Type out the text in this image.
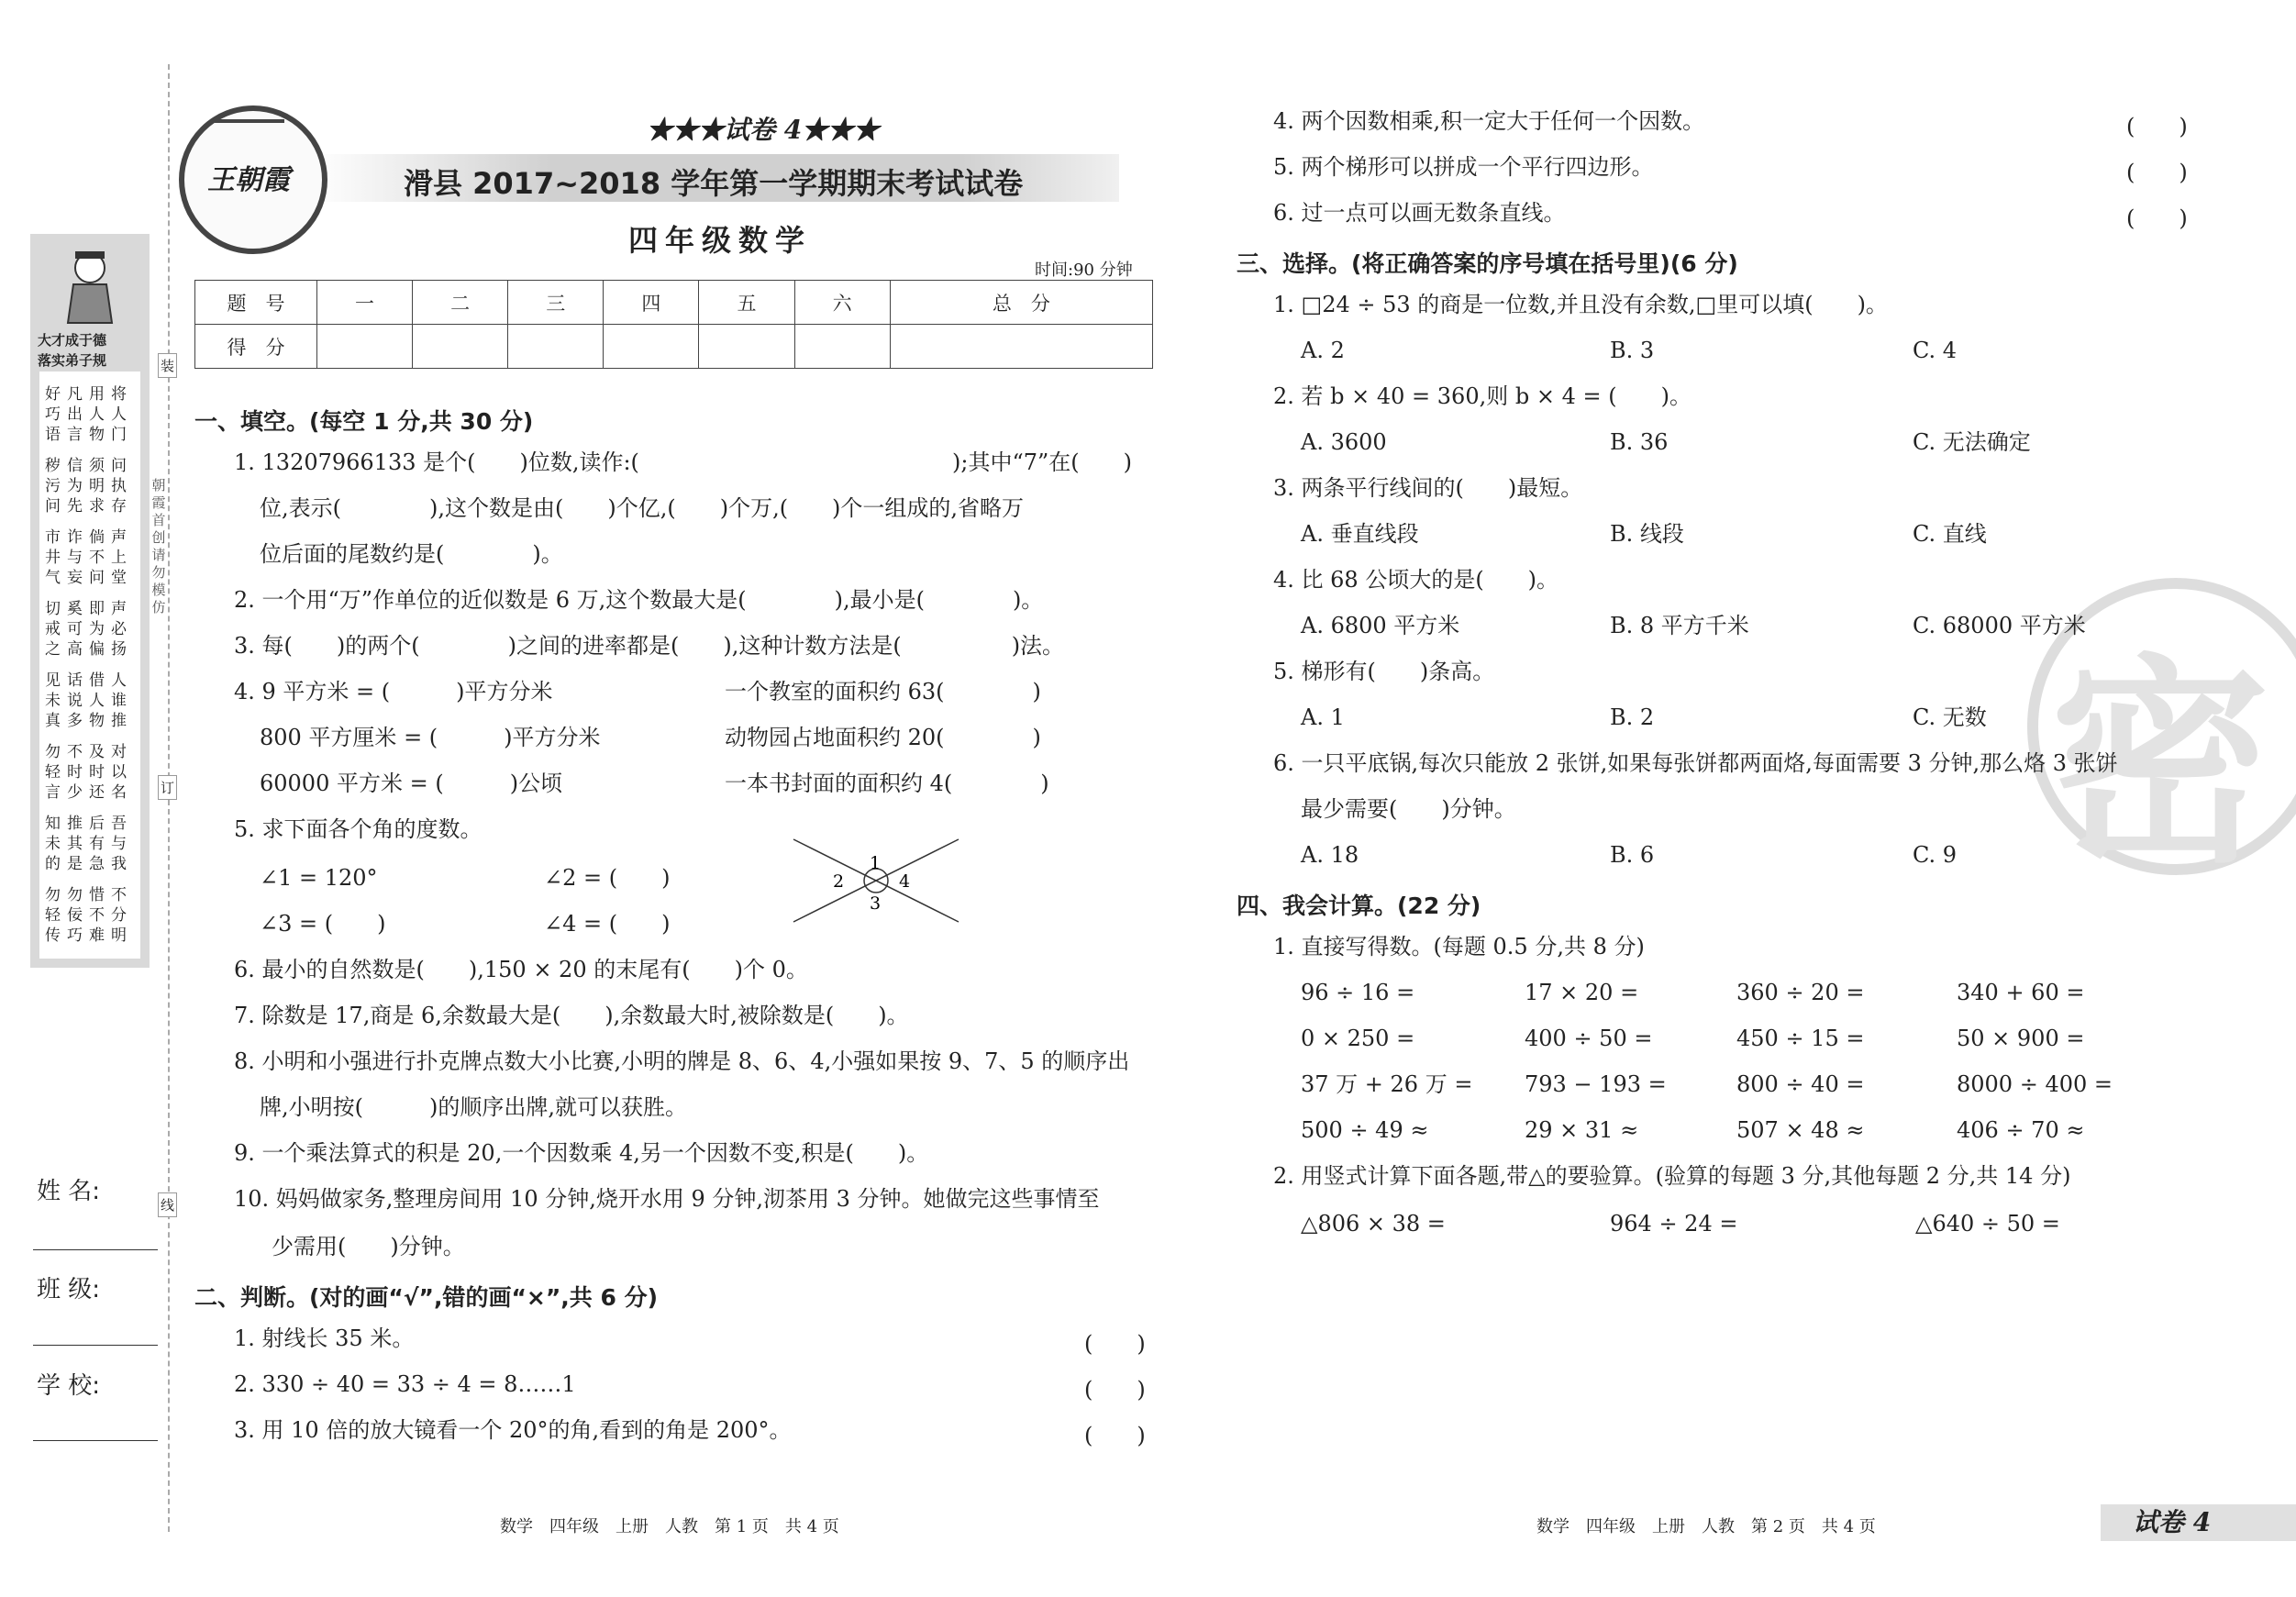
大才成于德
落实弟子规
好凡用将
巧出人人
语言物门
秽信须问
污为明执
问先求存
市诈倘声
井与不上
气妄问堂
切奚即声
戒可为必
之高偏扬
见话借人
未说人谁
真多物推
勿不及对
轻时时以
言少还名
知推后吾
未其有与
的是急我
勿勿惜不
轻佞不分
传巧难明
姓 名:
班 级:
学 校:
装
订
线
朝霞首创 请勿模仿
王朝霞
★★★试卷 4★★★
滑县 2017~2018 学年第一学期期末考试试卷
四年级数学
时间:90 分钟
题　号	一	二	三	四	五	六	总　分
得　分							
一、填空。(每空 1 分,共 30 分)
1. 13207966133 是个(　　)位数,读作:(	);其中“7”在(　　)
位,表示(　　　　),这个数是由(　　)个亿,(　　)个万,(　　)个一组成的,省略万
位后面的尾数约是(　　　　)。
2. 一个用“万”作单位的近似数是 6 万,这个数最大是(　　　　),最小是(　　　　)。
3. 每(　　)的两个(　　　　)之间的进率都是(　　),这种计数方法是(　　　　　)法。
4. 9 平方米 = (　　　)平方分米	一个教室的面积约 63(　　　　)
800 平方厘米 = (　　　)平方分米	动物园占地面积约 20(　　　　)
60000 平方米 = (　　　)公顷	一本书封面的面积约 4(　　　　)
5. 求下面各个角的度数。
∠1 = 120°	∠2 = (　　)
∠3 = (　　)	∠4 = (　　)
1
2
3
4
6. 最小的自然数是(　　),150 × 20 的末尾有(　　)个 0。
7. 除数是 17,商是 6,余数最大是(　　),余数最大时,被除数是(　　)。
8. 小明和小强进行扑克牌点数大小比赛,小明的牌是 8、6、4,小强如果按 9、7、5 的顺序出
牌,小明按(　　　)的顺序出牌,就可以获胜。
9. 一个乘法算式的积是 20,一个因数乘 4,另一个因数不变,积是(　　)。
10. 妈妈做家务,整理房间用 10 分钟,烧开水用 9 分钟,沏茶用 3 分钟。她做完这些事情至
少需用(　　)分钟。
二、判断。(对的画“√”,错的画“×”,共 6 分)
1. 射线长 35 米。	(　　)
2. 330 ÷ 40 = 33 ÷ 4 = 8……1	(　　)
3. 用 10 倍的放大镜看一个 20°的角,看到的角是 200°。	(　　)
数学　四年级　上册　人教　第 1 页　共 4 页
4. 两个因数相乘,积一定大于任何一个因数。	(　　)
5. 两个梯形可以拼成一个平行四边形。	(　　)
6. 过一点可以画无数条直线。	(　　)
密
三、选择。(将正确答案的序号填在括号里)(6 分)
1. □24 ÷ 53 的商是一位数,并且没有余数,□里可以填(　　)。
A. 2	B. 3	C. 4
2. 若 b × 40 = 360,则 b × 4 = (　　)。
A. 3600	B. 36	C. 无法确定
3. 两条平行线间的(　　)最短。
A. 垂直线段	B. 线段	C. 直线
4. 比 68 公顷大的是(　　)。
A. 6800 平方米	B. 8 平方千米	C. 68000 平方米
5. 梯形有(　　)条高。
A. 1	B. 2	C. 无数
6. 一只平底锅,每次只能放 2 张饼,如果每张饼都两面烙,每面需要 3 分钟,那么烙 3 张饼
最少需要(　　)分钟。
A. 18	B. 6	C. 9
四、我会计算。(22 分)
1. 直接写得数。(每题 0.5 分,共 8 分)
96 ÷ 16 =	17 × 20 =	360 ÷ 20 =	340 + 60 =
0 × 250 =	400 ÷ 50 =	450 ÷ 15 =	50 × 900 =
37 万 + 26 万 = 793 − 193 =	800 ÷ 40 =	8000 ÷ 400 =
500 ÷ 49 ≈	29 × 31 ≈	507 × 48 ≈	406 ÷ 70 ≈
2. 用竖式计算下面各题,带△的要验算。(验算的每题 3 分,其他每题 2 分,共 14 分)
△806 × 38 =	964 ÷ 24 =	△640 ÷ 50 =
数学　四年级　上册　人教　第 2 页　共 4 页	试卷 4
